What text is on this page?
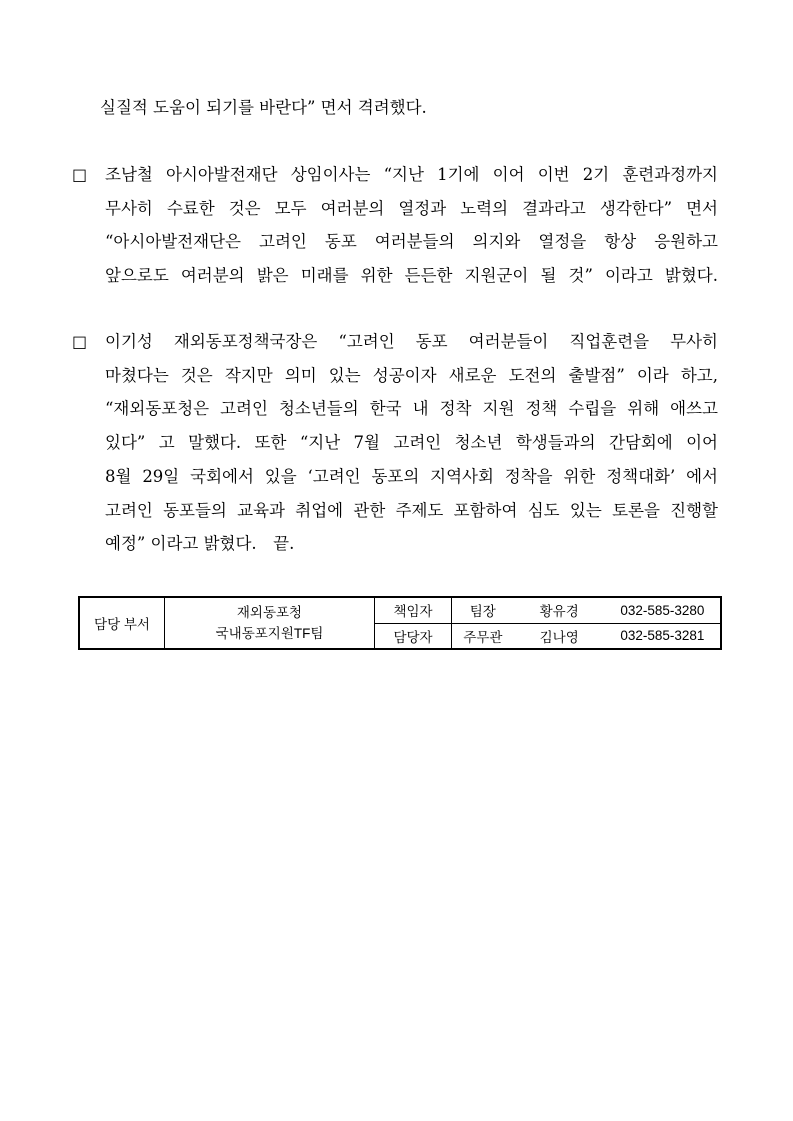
실질적 도움이 되기를 바란다” 면서 격려했다.
□ 조남철 아시아발전재단 상임이사는 “지난 1기에 이어 이번 2기 훈련과정까지
무사히 수료한 것은 모두 여러분의 열정과 노력의 결과라고 생각한다” 면서
“아시아발전재단은 고려인 동포 여러분들의 의지와 열정을 항상 응원하고
앞으로도 여러분의 밝은 미래를 위한 든든한 지원군이 될 것” 이라고 밝혔다.
□ 이기성 재외동포정책국장은 “고려인 동포 여러분들이 직업훈련을 무사히
마쳤다는 것은 작지만 의미 있는 성공이자 새로운 도전의 출발점” 이라 하고,
“재외동포청은 고려인 청소년들의 한국 내 정착 지원 정책 수립을 위해 애쓰고
있다” 고 말했다. 또한 “지난 7월 고려인 청소년 학생들과의 간담회에 이어
8월 29일 국회에서 있을 ‘고려인 동포의 지역사회 정착을 위한 정책대화’ 에서
고려인 동포들의 교육과 취업에 관한 주제도 포함하여 심도 있는 토론을 진행할
예정” 이라고 밝혔다.　끝.
담당 부서	
재외동포청
국내동포지원TF팀
	책임자	팀장	황유경	032-585-3280

		담당자	주무관 김나영 032-585-3281
